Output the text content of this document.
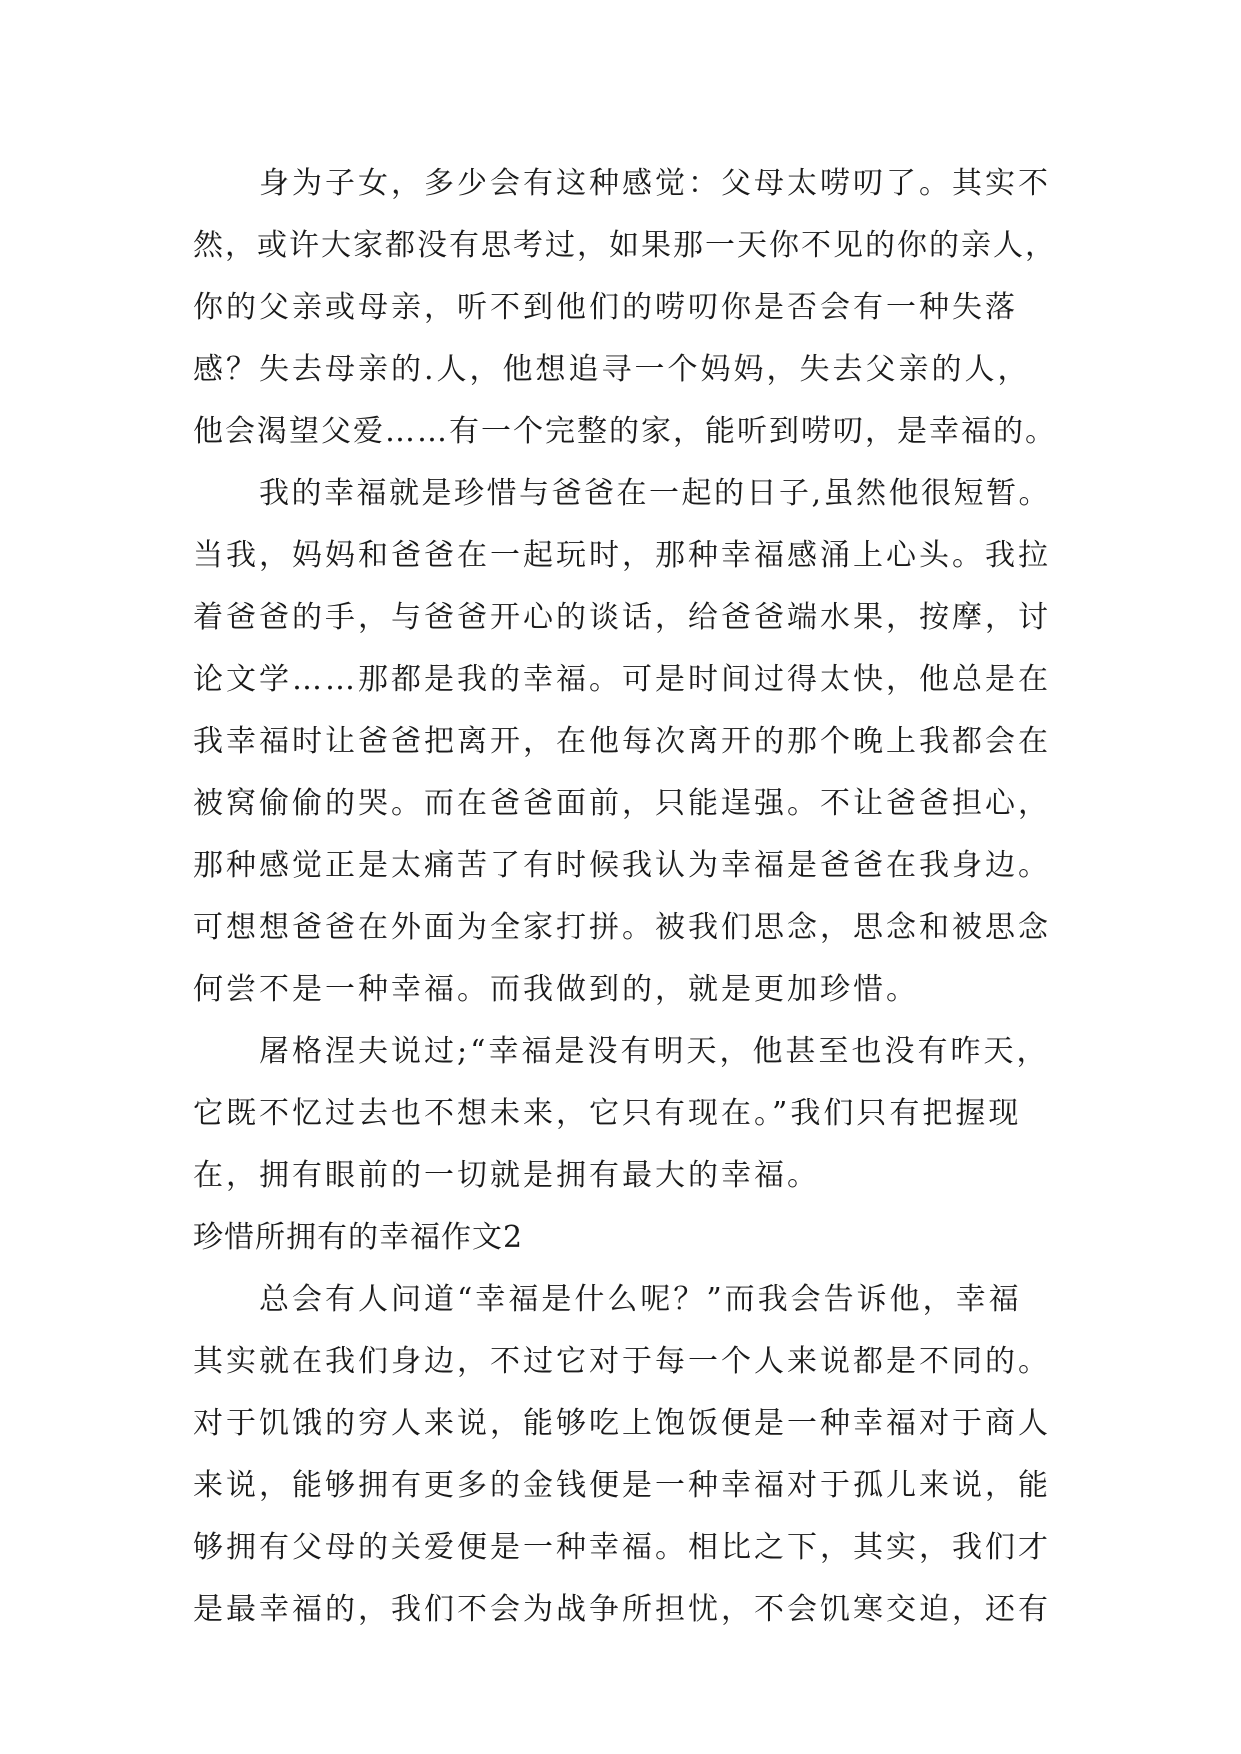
身为子女，多少会有这种感觉：父母太唠叨了。其实不
然，或许大家都没有思考过，如果那一天你不见的你的亲人，
你的父亲或母亲，听不到他们的唠叨你是否会有一种失落
感？失去母亲的.人，他想追寻一个妈妈，失去父亲的人，
他会渴望父爱……有一个完整的家，能听到唠叨，是幸福的。
我的幸福就是珍惜与爸爸在一起的日子,虽然他很短暂。
当我，妈妈和爸爸在一起玩时，那种幸福感涌上心头。我拉
着爸爸的手，与爸爸开心的谈话，给爸爸端水果，按摩，讨
论文学……那都是我的幸福。可是时间过得太快，他总是在
我幸福时让爸爸把离开，在他每次离开的那个晚上我都会在
被窝偷偷的哭。而在爸爸面前，只能逞强。不让爸爸担心，
那种感觉正是太痛苦了有时候我认为幸福是爸爸在我身边。
可想想爸爸在外面为全家打拼。被我们思念，思念和被思念
何尝不是一种幸福。而我做到的，就是更加珍惜。
屠格涅夫说过;“幸福是没有明天，他甚至也没有昨天，
它既不忆过去也不想未来，它只有现在。”我们只有把握现
在，拥有眼前的一切就是拥有最大的幸福。
珍惜所拥有的幸福作文2
总会有人问道“幸福是什么呢？”而我会告诉他，幸福
其实就在我们身边，不过它对于每一个人来说都是不同的。
对于饥饿的穷人来说，能够吃上饱饭便是一种幸福对于商人
来说，能够拥有更多的金钱便是一种幸福对于孤儿来说，能
够拥有父母的关爱便是一种幸福。相比之下，其实，我们才
是最幸福的，我们不会为战争所担忧，不会饥寒交迫，还有
